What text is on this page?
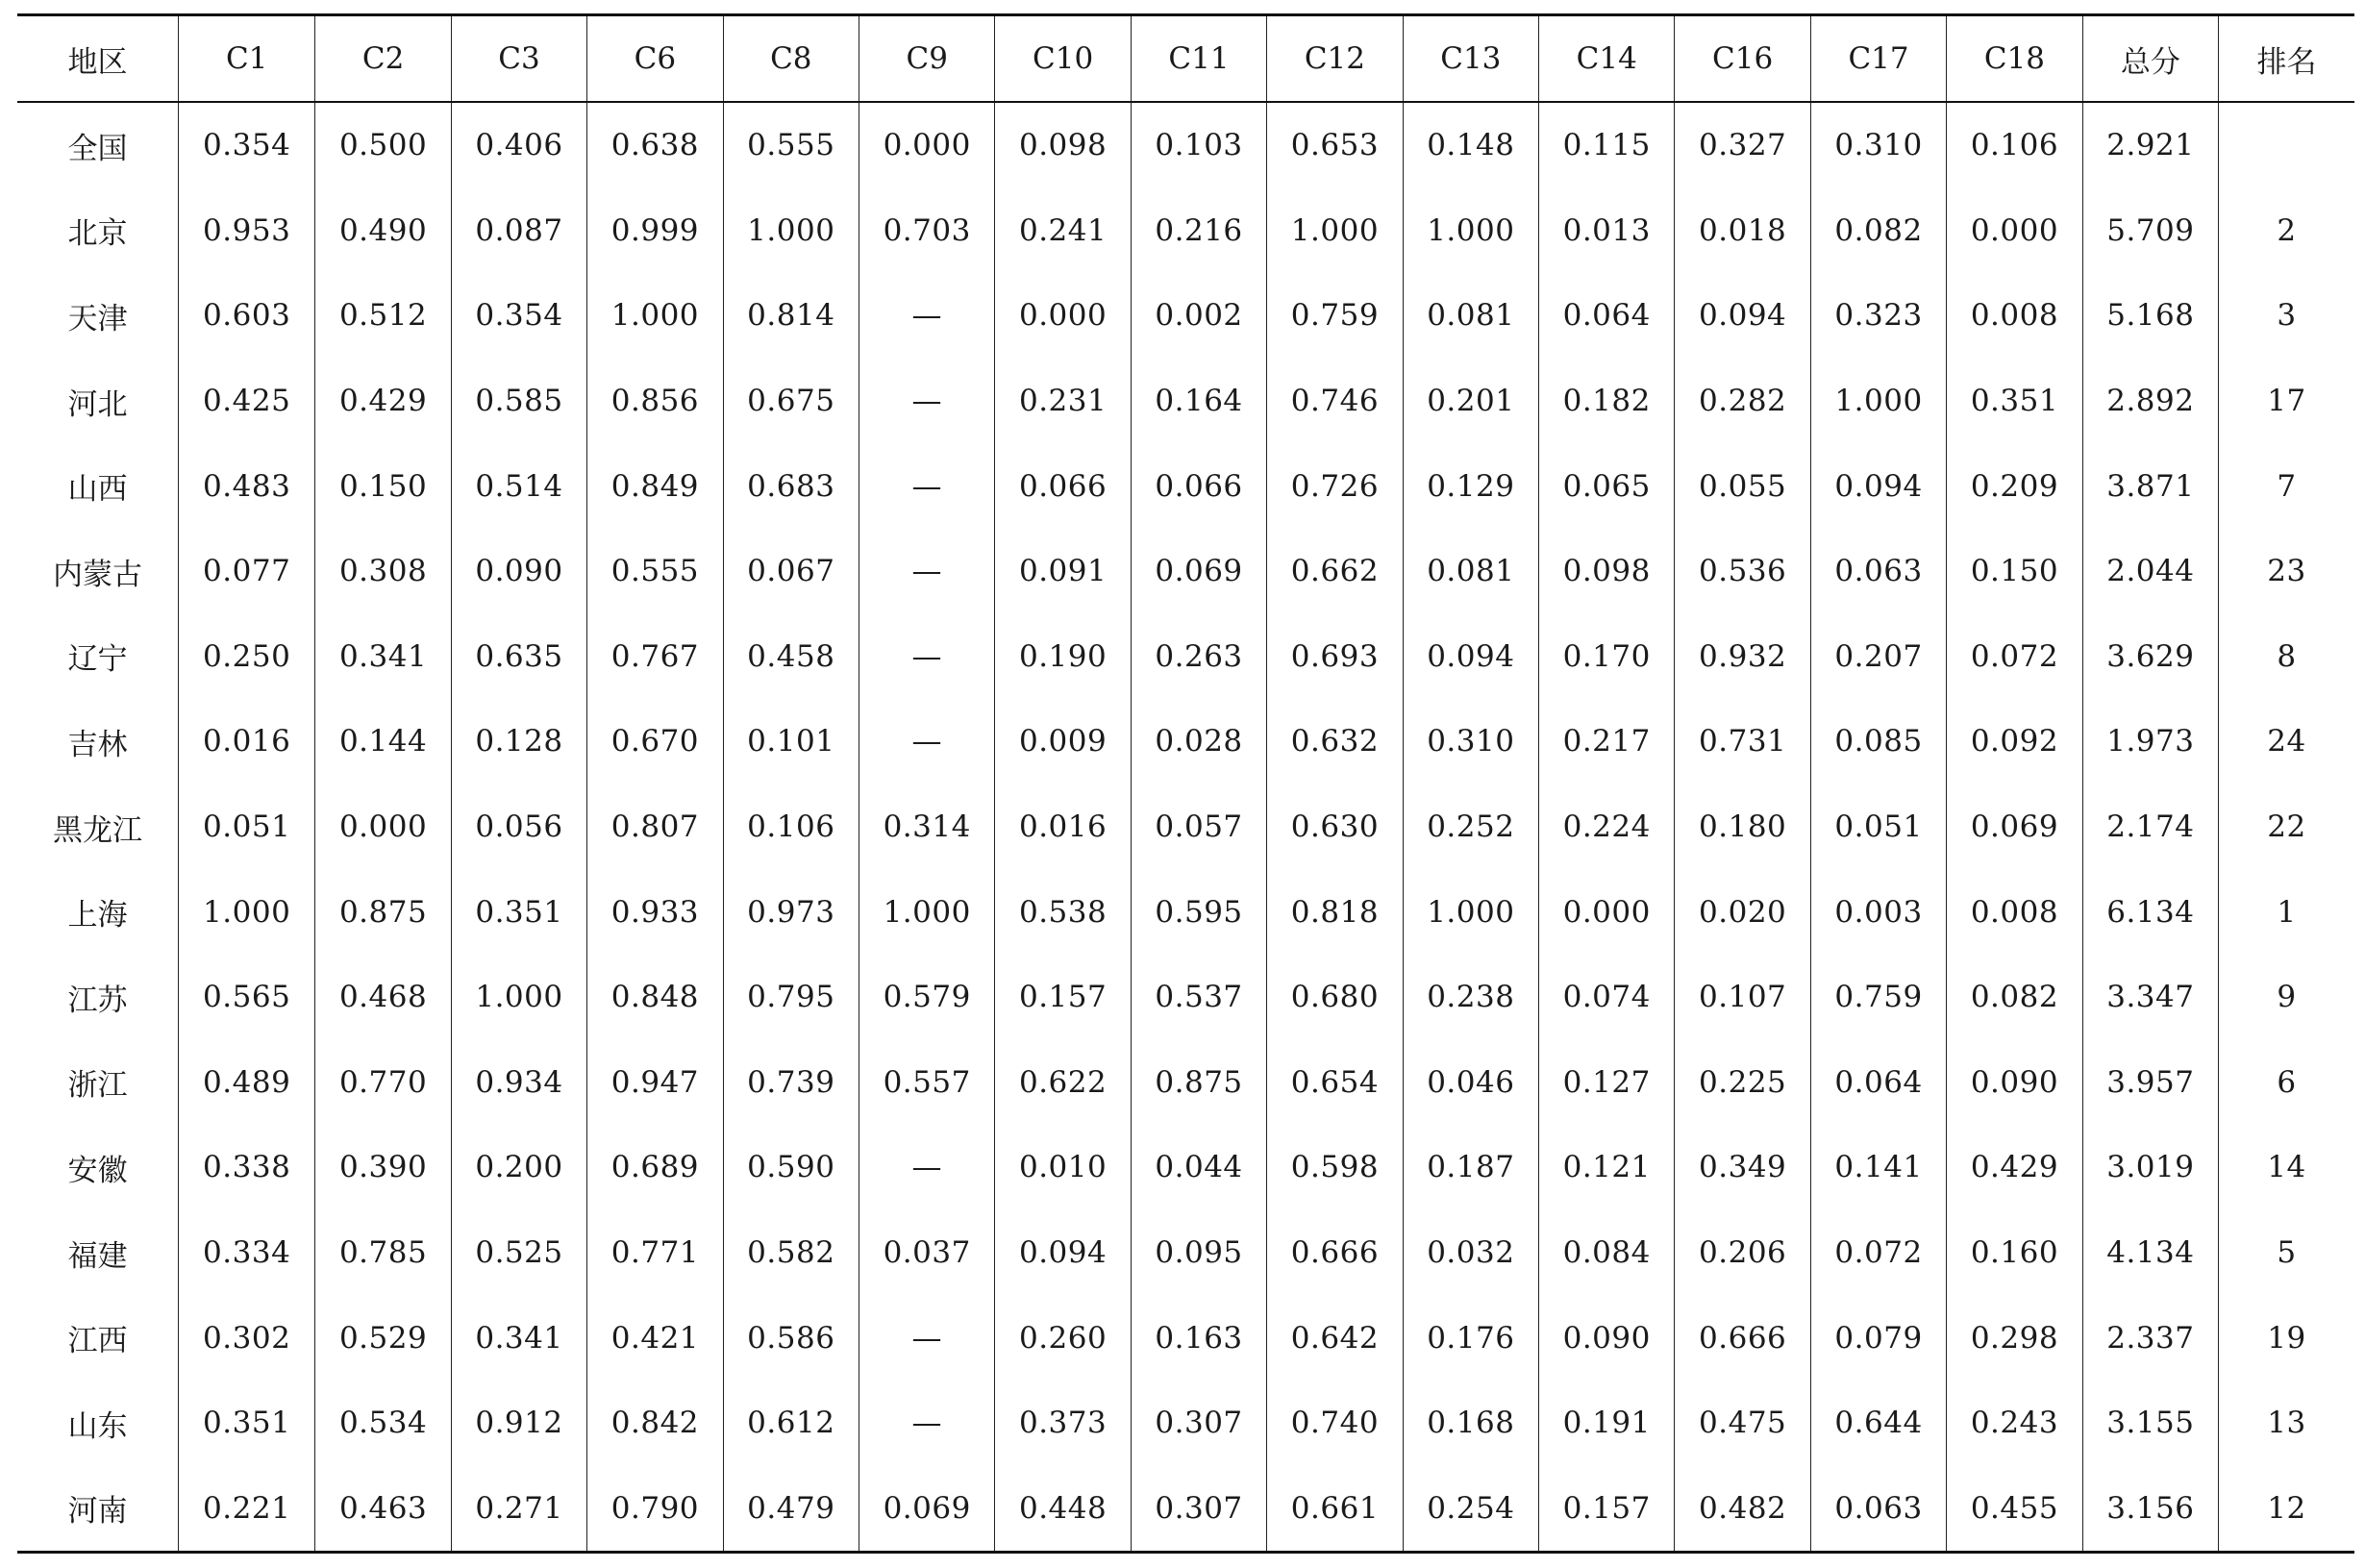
地区	C1	C2	C3	C6	C8	C9	C10	C11	C12	C13	C14	C16	C17	C18	总分	排名
全国	0.354	0.500	0.406	0.638	0.555	0.000	0.098	0.103	0.653	0.148	0.115	0.327	0.310	0.106	2.921	
北京	0.953	0.490	0.087	0.999	1.000	0.703	0.241	0.216	1.000	1.000	0.013	0.018	0.082	0.000	5.709	2
天津	0.603	0.512	0.354	1.000	0.814	—	0.000	0.002	0.759	0.081	0.064	0.094	0.323	0.008	5.168	3
河北	0.425	0.429	0.585	0.856	0.675	—	0.231	0.164	0.746	0.201	0.182	0.282	1.000	0.351	2.892	17
山西	0.483	0.150	0.514	0.849	0.683	—	0.066	0.066	0.726	0.129	0.065	0.055	0.094	0.209	3.871	7
内蒙古	0.077	0.308	0.090	0.555	0.067	—	0.091	0.069	0.662	0.081	0.098	0.536	0.063	0.150	2.044	23
辽宁	0.250	0.341	0.635	0.767	0.458	—	0.190	0.263	0.693	0.094	0.170	0.932	0.207	0.072	3.629	8
吉林	0.016	0.144	0.128	0.670	0.101	—	0.009	0.028	0.632	0.310	0.217	0.731	0.085	0.092	1.973	24
黑龙江	0.051	0.000	0.056	0.807	0.106	0.314	0.016	0.057	0.630	0.252	0.224	0.180	0.051	0.069	2.174	22
上海	1.000	0.875	0.351	0.933	0.973	1.000	0.538	0.595	0.818	1.000	0.000	0.020	0.003	0.008	6.134	1
江苏	0.565	0.468	1.000	0.848	0.795	0.579	0.157	0.537	0.680	0.238	0.074	0.107	0.759	0.082	3.347	9
浙江	0.489	0.770	0.934	0.947	0.739	0.557	0.622	0.875	0.654	0.046	0.127	0.225	0.064	0.090	3.957	6
安徽	0.338	0.390	0.200	0.689	0.590	—	0.010	0.044	0.598	0.187	0.121	0.349	0.141	0.429	3.019	14
福建	0.334	0.785	0.525	0.771	0.582	0.037	0.094	0.095	0.666	0.032	0.084	0.206	0.072	0.160	4.134	5
江西	0.302	0.529	0.341	0.421	0.586	—	0.260	0.163	0.642	0.176	0.090	0.666	0.079	0.298	2.337	19
山东	0.351	0.534	0.912	0.842	0.612	—	0.373	0.307	0.740	0.168	0.191	0.475	0.644	0.243	3.155	13
河南	0.221	0.463	0.271	0.790	0.479	0.069	0.448	0.307	0.661	0.254	0.157	0.482	0.063	0.455	3.156	12
